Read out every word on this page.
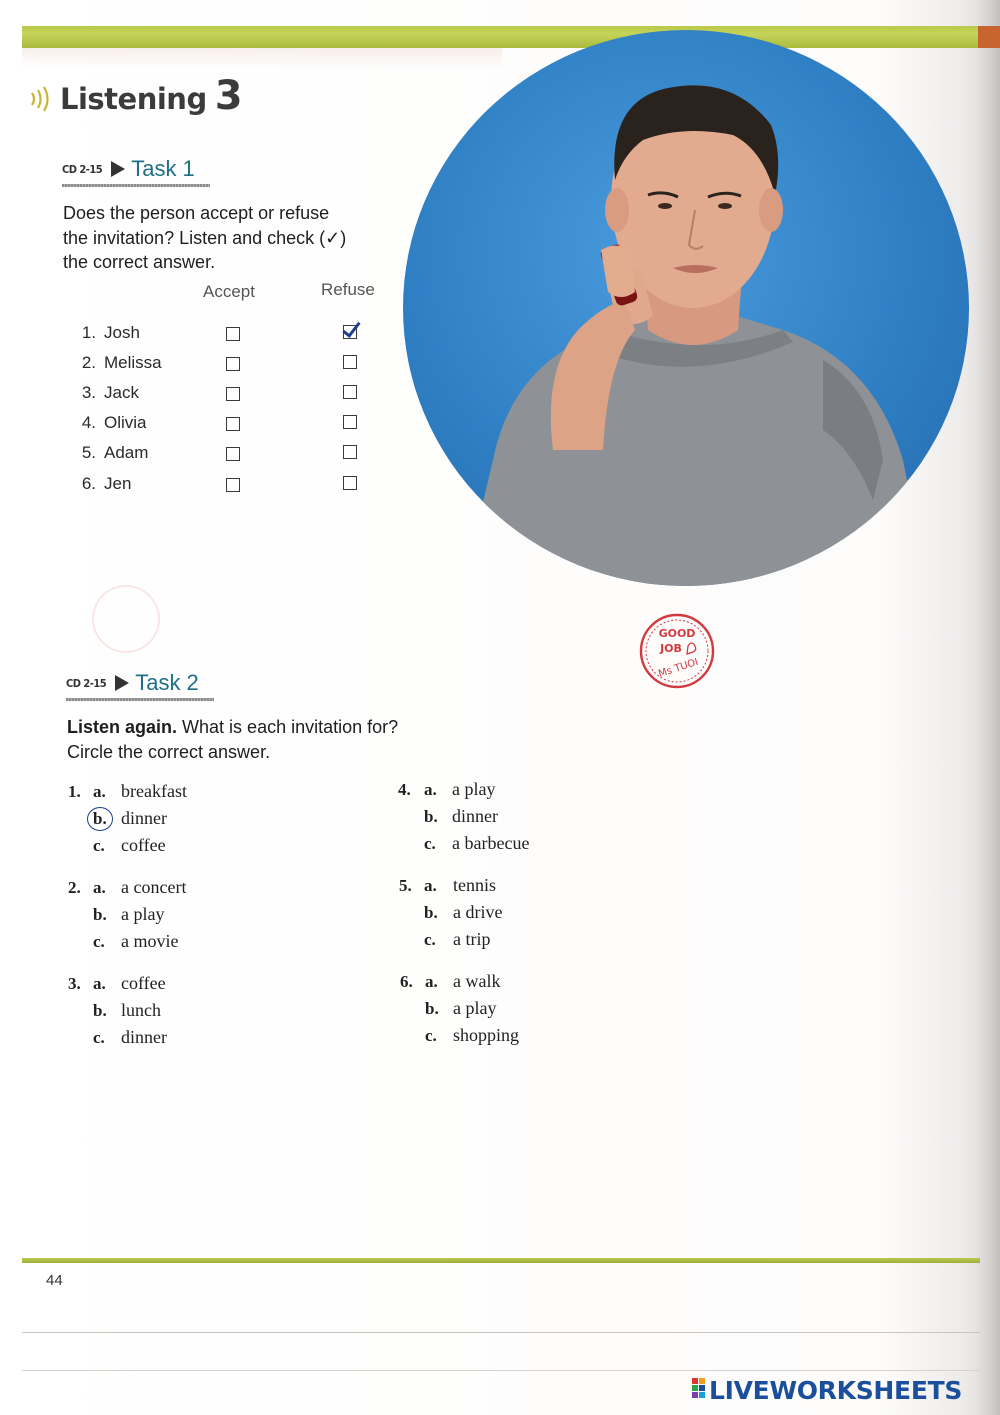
Listening 3
CD 2-15 Task 1
Does the person accept or refuse
the invitation? Listen and check (✓)
the correct answer.
Accept	Refuse
1. Josh
2. Melissa
3. Jack
4. Olivia
5. Adam
6. Jen
GOOD
JOB
Ms TUOI
CD 2-15 Task 2
Listen again. What is each invitation for?
Circle the correct answer.
1. a. breakfast
b. dinner
c. coffee
2. a. a concert
b. a play
c. a movie
3. a. coffee
b. lunch
c. dinner
4. a. a play
b. dinner
c. a barbecue
5. a. tennis
b. a drive
c. a trip
6. a. a walk
b. a play
c. shopping
44
LIVEWORKSHEETS
